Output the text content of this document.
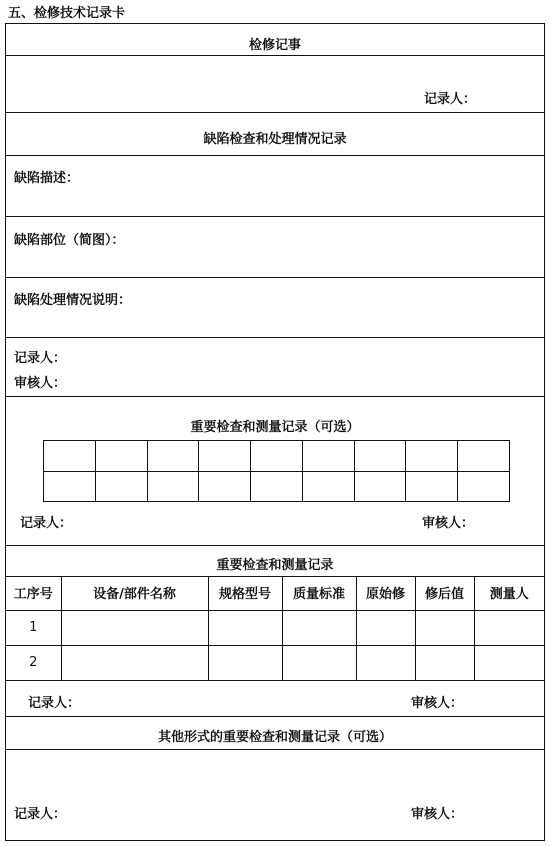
五、检修技术记录卡
检修记事
记录人：
缺陷检查和处理情况记录
缺陷描述：
缺陷部位（简图）：
缺陷处理情况说明：
记录人：
审核人：
重要检查和测量记录（可选）

记录人：	审核人：
重要检查和测量记录
工序号	设备/部件名称	规格型号	质量标准	原始修	修后值	测量人
1						
2						
记录人：	审核人：
其他形式的重要检查和测量记录（可选）
记录人：	审核人：
